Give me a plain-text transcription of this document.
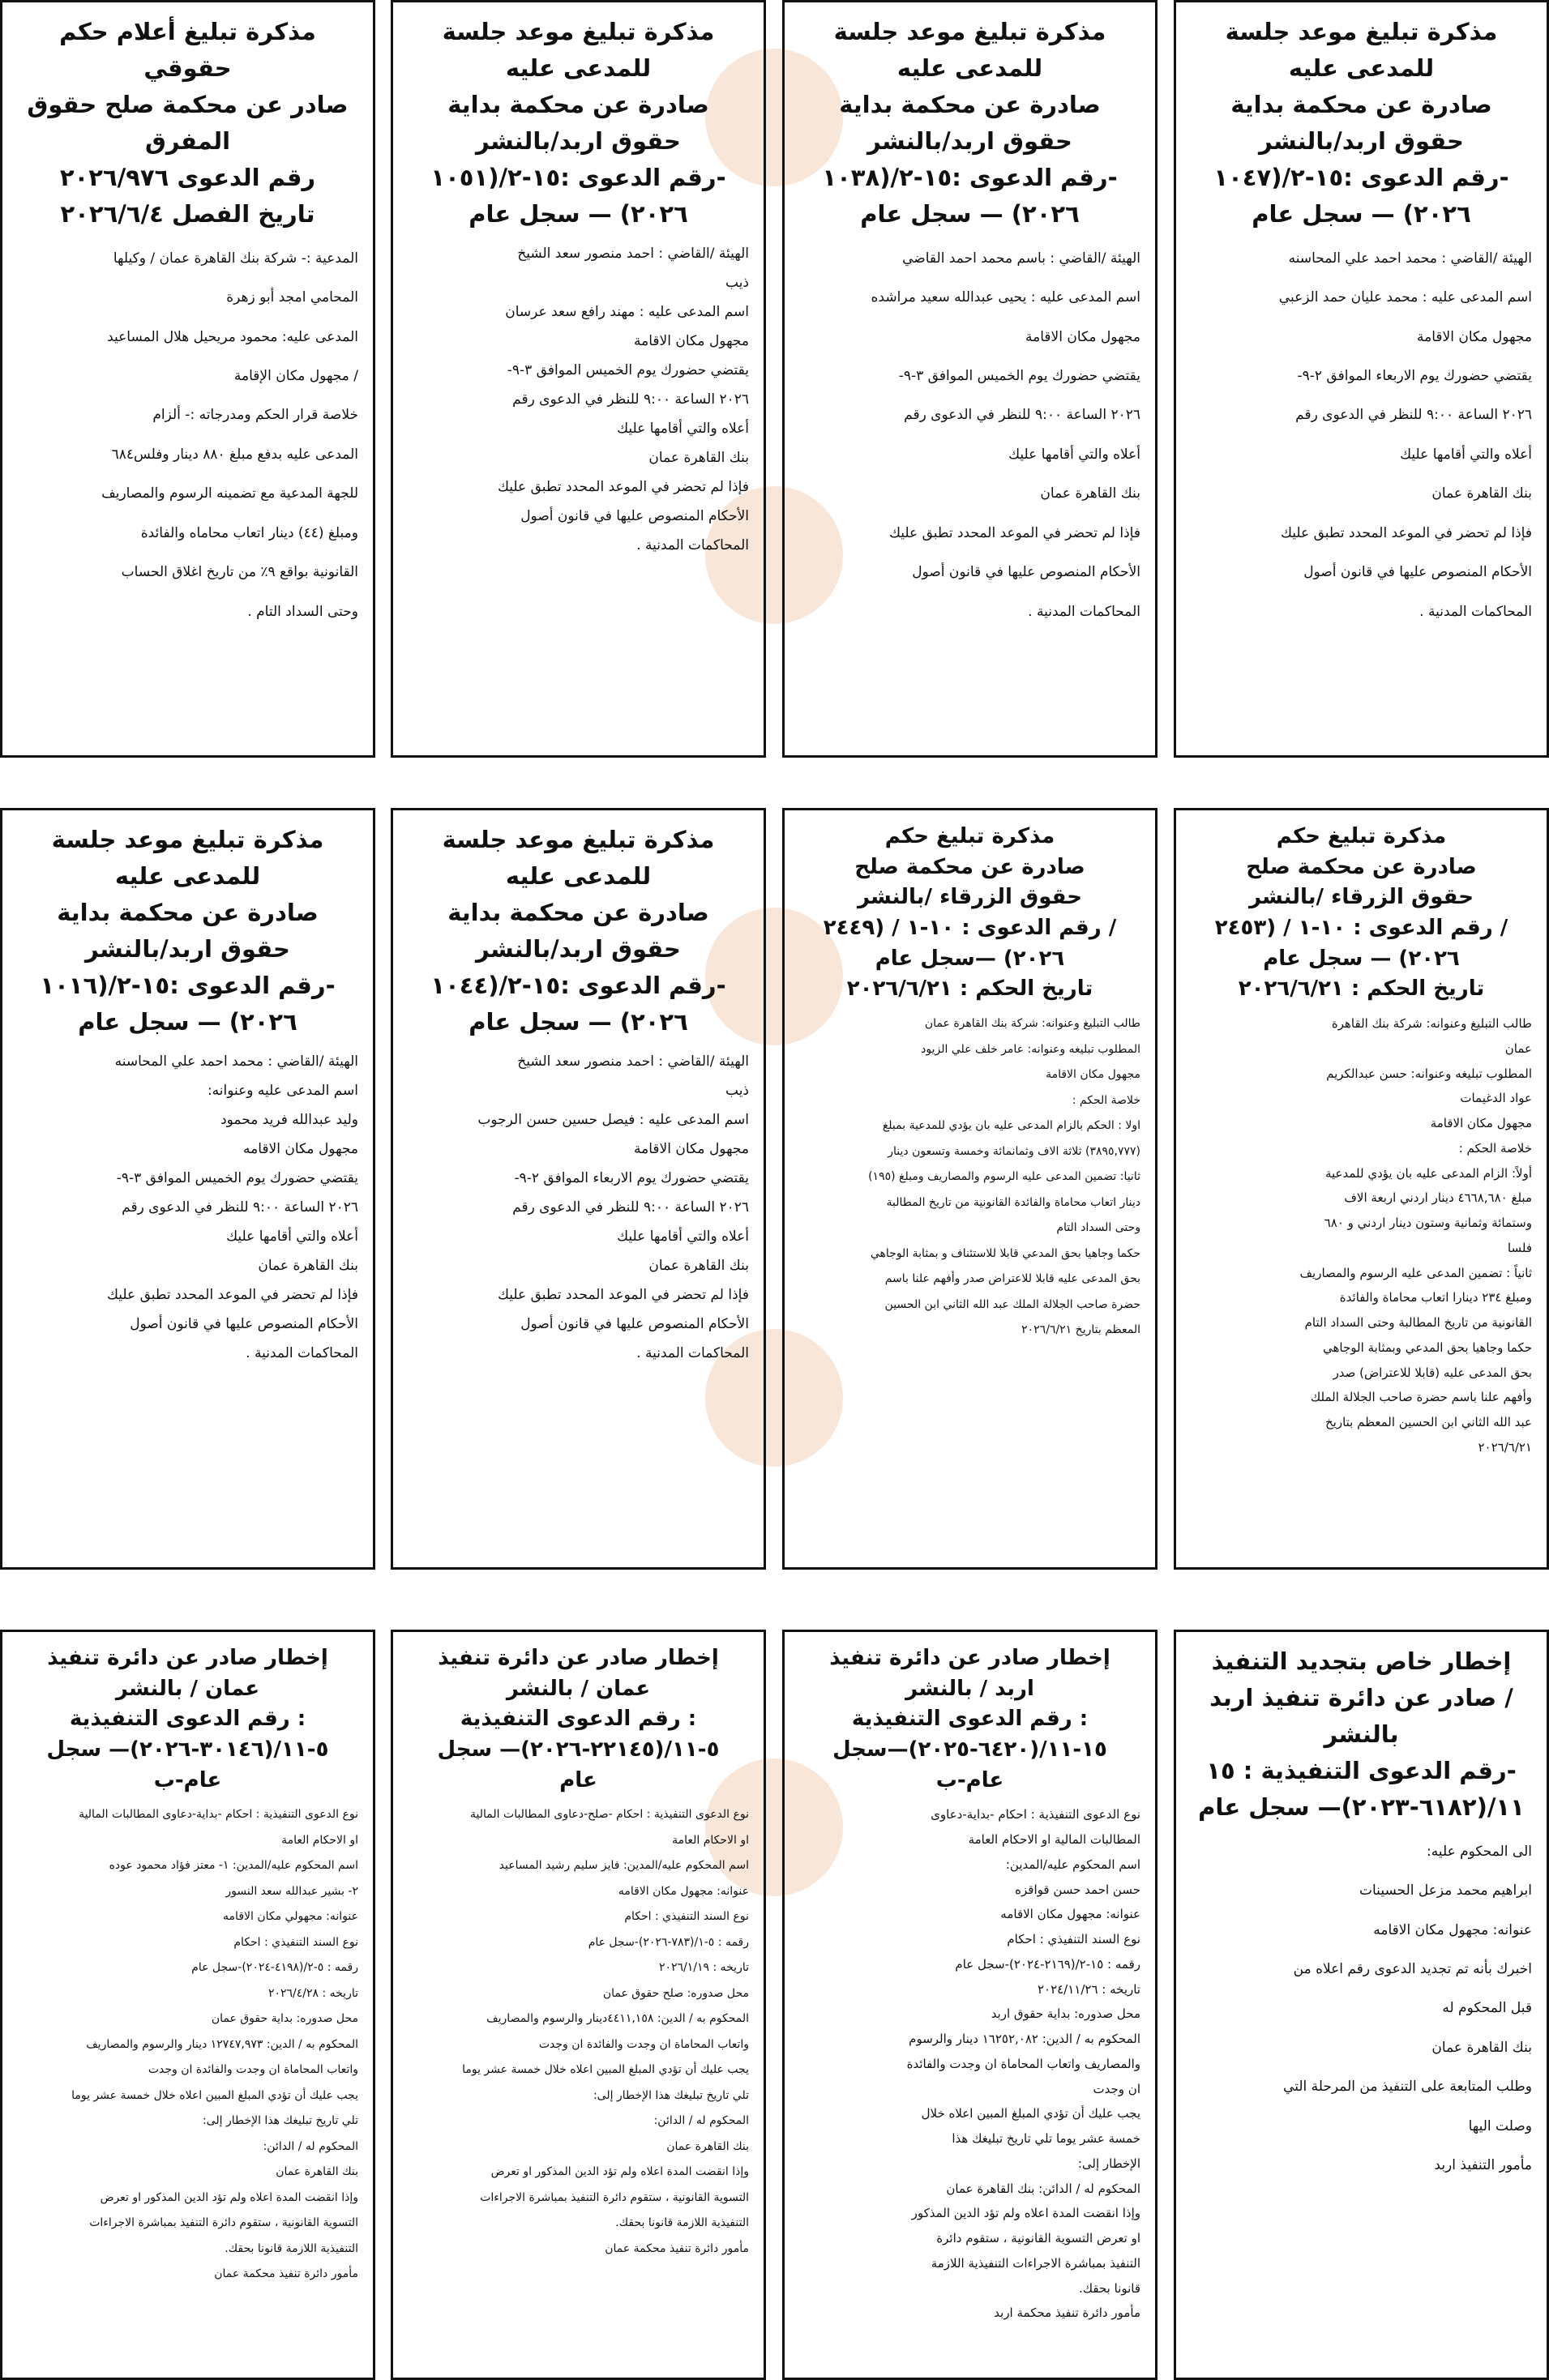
مذكرة تبليغ موعد جلسة
للمدعى عليه
صادرة عن محكمة بداية
حقوق اربد/بالنشر
رقم الدعوى :١٥-٢/(١٠٤٧-
٢٠٢٦) — سجل عام
الهيئة /القاضي : محمد احمد علي المحاسنه
اسم المدعى عليه : محمد عليان حمد الزعبي
مجهول مكان الاقامة
يقتضي حضورك يوم الاربعاء الموافق ٢-٩-
٢٠٢٦ الساعة ٩:٠٠ للنظر في الدعوى رقم
أعلاه والتي أقامها عليك
بنك القاهرة عمان
فإذا لم تحضر في الموعد المحدد تطبق عليك
الأحكام المنصوص عليها في قانون أصول
المحاكمات المدنية .
مذكرة تبليغ موعد جلسة
للمدعى عليه
صادرة عن محكمة بداية
حقوق اربد/بالنشر
رقم الدعوى :١٥-٢/(١٠٣٨-
٢٠٢٦) — سجل عام
الهيئة /القاضي : باسم محمد احمد القاضي
اسم المدعى عليه : يحيى عبدالله سعيد مراشده
مجهول مكان الاقامة
يقتضي حضورك يوم الخميس الموافق ٣-٩-
٢٠٢٦ الساعة ٩:٠٠ للنظر في الدعوى رقم
أعلاه والتي أقامها عليك
بنك القاهرة عمان
فإذا لم تحضر في الموعد المحدد تطبق عليك
الأحكام المنصوص عليها في قانون أصول
المحاكمات المدنية .
مذكرة تبليغ موعد جلسة
للمدعى عليه
صادرة عن محكمة بداية
حقوق اربد/بالنشر
رقم الدعوى :١٥-٢/(١٠٥١-
٢٠٢٦) — سجل عام
الهيئة /القاضي : احمد منصور سعد الشيخ
ذيب
اسم المدعى عليه : مهند رافع سعد عرسان
مجهول مكان الاقامة
يقتضي حضورك يوم الخميس الموافق ٣-٩-
٢٠٢٦ الساعة ٩:٠٠ للنظر في الدعوى رقم
أعلاه والتي أقامها عليك
بنك القاهرة عمان
فإذا لم تحضر في الموعد المحدد تطبق عليك
الأحكام المنصوص عليها في قانون أصول
المحاكمات المدنية .
مذكرة تبليغ أعلام حكم
حقوقي
صادر عن محكمة صلح حقوق
المفرق
رقم الدعوى ٢٠٢٦/٩٧٦
تاريخ الفصل ٢٠٢٦/٦/٤
المدعية :- شركة بنك القاهرة عمان / وكيلها
المحامي امجد أبو زهرة
المدعى عليه: محمود مريحيل هلال المساعيد
/ مجهول مكان الإقامة
خلاصة قرار الحكم ومدرجاته :- ألزام
المدعى عليه بدفع مبلغ ٨٨٠ دينار وفلس٦٨٤
للجهة المدعية مع تضمينه الرسوم والمصاريف
ومبلغ (٤٤) دينار اتعاب محاماه والفائدة
القانونية بواقع ٩٪ من تاريخ اغلاق الحساب
وحتى السداد التام .
مذكرة تبليغ حكم
صادرة عن محكمة صلح
حقوق الزرقاء /بالنشر
رقم الدعوى : ١٠-١ / (٢٤٥٣ /
٢٠٢٦) — سجل عام
تاريخ الحكم : ٢٠٢٦/٦/٢١
طالب التبليغ وعنوانه: شركة بنك القاهرة
عمان
المطلوب تبليغه وعنوانه: حسن عبدالكريم
عواد الدغيمات
مجهول مكان الاقامة
خلاصة الحكم :
أولاً: الزام المدعى عليه بان يؤدي للمدعية
مبلغ ٤٦٦٨,٦٨٠ دينار اردني اربعة الاف
وستمائة وثمانية وستون دينار اردني و ٦٨٠
فلسا
ثانياً : تضمين المدعى عليه الرسوم والمصاريف
ومبلغ ٢٣٤ دينارا اتعاب محاماة والفائدة
القانونية من تاريخ المطالبة وحتى السداد التام
حكما وجاهيا بحق المدعي وبمثابة الوجاهي
بحق المدعى عليه (قابلا للاعتراض) صدر
وأفهم علنا باسم حضرة صاحب الجلالة الملك
عبد الله الثاني ابن الحسين المعظم بتاريخ
٢٠٢٦/٦/٢١
مذكرة تبليغ حكم
صادرة عن محكمة صلح
حقوق الزرقاء /بالنشر
رقم الدعوى : ١٠-١ / (٢٤٤٩ /
٢٠٢٦) —سجل عام
تاريخ الحكم : ٢٠٢٦/٦/٢١
طالب التبليغ وعنوانه: شركة بنك القاهرة عمان
المطلوب تبليغه وعنوانه: عامر خلف علي الزيود
مجهول مكان الاقامة
خلاصة الحكم :
اولا : الحكم بالزام المدعى عليه بان يؤدي للمدعية بمبلغ
(٣٨٩٥,٧٧٧) ثلاثة الاف وثمانمائة وخمسة وتسعون دينار
ثانيا: تضمين المدعى عليه الرسوم والمصاريف ومبلغ (١٩٥)
دينار اتعاب محاماة والفائدة القانونية من تاريخ المطالبة
وحتى السداد التام
حكما وجاهيا بحق المدعي قابلا للاستئناف و بمثابة الوجاهي
بحق المدعى عليه قابلا للاعتراض صدر وأفهم علنا باسم
حضرة صاحب الجلالة الملك عبد الله الثاني ابن الحسين
المعظم بتاريخ ٢٠٢٦/٦/٢١
مذكرة تبليغ موعد جلسة
للمدعى عليه
صادرة عن محكمة بداية
حقوق اربد/بالنشر
رقم الدعوى :١٥-٢/(١٠٤٤-
٢٠٢٦) — سجل عام
الهيئة /القاضي : احمد منصور سعد الشيخ
ذيب
اسم المدعى عليه : فيصل حسين حسن الرجوب
مجهول مكان الاقامة
يقتضي حضورك يوم الاربعاء الموافق ٢-٩-
٢٠٢٦ الساعة ٩:٠٠ للنظر في الدعوى رقم
أعلاه والتي أقامها عليك
بنك القاهرة عمان
فإذا لم تحضر في الموعد المحدد تطبق عليك
الأحكام المنصوص عليها في قانون أصول
المحاكمات المدنية .
مذكرة تبليغ موعد جلسة
للمدعى عليه
صادرة عن محكمة بداية
حقوق اربد/بالنشر
رقم الدعوى :١٥-٢/(١٠١٦-
٢٠٢٦) — سجل عام
الهيئة /القاضي : محمد احمد علي المحاسنه
اسم المدعى عليه وعنوانه:
وليد عبدالله فريد محمود
مجهول مكان الاقامه
يقتضي حضورك يوم الخميس الموافق ٣-٩-
٢٠٢٦ الساعة ٩:٠٠ للنظر في الدعوى رقم
أعلاه والتي أقامها عليك
بنك القاهرة عمان
فإذا لم تحضر في الموعد المحدد تطبق عليك
الأحكام المنصوص عليها في قانون أصول
المحاكمات المدنية .
إخطار خاص بتجديد التنفيذ
صادر عن دائرة تنفيذ اربد /
بالنشر
رقم الدعوى التنفيذية : ١٥-
١١/(٦١٨٢-٢٠٢٣)— سجل عام
الى المحكوم عليه:
ابراهيم محمد مزعل الحسينات
عنوانه: مجهول مكان الاقامه
اخبرك بأنه تم تجديد الدعوى رقم اعلاه من
قبل المحكوم له
بنك القاهرة عمان
وطلب المتابعة على التنفيذ من المرحلة التي
وصلت اليها
مأمور التنفيذ اربد
إخطار صادر عن دائرة تنفيذ
اربد / بالنشر
رقم الدعوى التنفيذية :
١٥-١١/(٦٤٢٠-٢٠٢٥)—سجل
عام-ب
نوع الدعوى التنفيذية : احكام -بداية-دعاوى
المطالبات المالية او الاحكام العامة
اسم المحكوم عليه/المدين:
حسن احمد حسن قواقزه
عنوانه: مجهول مكان الاقامه
نوع السند التنفيذي : احكام
رقمه : ١٥-٢/(٢١٦٩-٢٠٢٤)-سجل عام
تاريخه : ٢٠٢٤/١١/٢٦
محل صدوره: بداية حقوق اربد
المحكوم به / الدين: ١٦٢٥٢,٠٨٢ دينار والرسوم
والمصاريف واتعاب المحاماة ان وجدت والفائدة
ان وجدت
يجب عليك أن تؤدي المبلغ المبين اعلاه خلال
خمسة عشر يوما تلي تاريخ تبليغك هذا
الإخطار إلى:
المحكوم له / الدائن: بنك القاهرة عمان
وإذا انقضت المدة اعلاه ولم تؤد الدين المذكور
او تعرض التسوية القانونية ، ستقوم دائرة
التنفيذ بمباشرة الاجراءات التنفيذية اللازمة
قانونا بحقك.
مأمور دائرة تنفيذ محكمة اربد
إخطار صادر عن دائرة تنفيذ
عمان / بالنشر
رقم الدعوى التنفيذية :
٥-١١/(٢٢١٤٥-٢٠٢٦)— سجل
عام
نوع الدعوى التنفيذية : احكام -صلح-دعاوى المطالبات المالية
او الاحكام العامة
اسم المحكوم عليه/المدين: فايز سليم رشيد المساعيد
عنوانه: مجهول مكان الاقامه
نوع السند التنفيذي : احكام
رقمه : ٥-١/(٧٨٣-٢٠٢٦)-سجل عام
تاريخه : ٢٠٢٦/١/١٩
محل صدوره: صلح حقوق عمان
المحكوم به / الدين: ٤٤١١,١٥٨دينار والرسوم والمصاريف
واتعاب المحاماة ان وجدت والفائدة ان وجدت
يجب عليك أن تؤدي المبلغ المبين اعلاه خلال خمسة عشر يوما
تلي تاريخ تبليغك هذا الإخطار إلى:
المحكوم له / الدائن:
بنك القاهرة عمان
وإذا انقضت المدة اعلاه ولم تؤد الدين المذكور او تعرض
التسوية القانونية ، ستقوم دائرة التنفيذ بمباشرة الاجراءات
التنفيذية اللازمة قانونا بحقك.
مأمور دائرة تنفيذ محكمة عمان
إخطار صادر عن دائرة تنفيذ
عمان / بالنشر
رقم الدعوى التنفيذية :
٥-١١/(٣٠١٤٦-٢٠٢٦)— سجل
عام-ب
نوع الدعوى التنفيذية : احكام -بداية-دعاوى المطالبات المالية
او الاحكام العامة
اسم المحكوم عليه/المدين: ١- معتز فؤاد محمود عوده
٢- بشير عبدالله سعد النسور
عنوانه: مجهولي مكان الاقامه
نوع السند التنفيذي : احكام
رقمه : ٥-٢/(٤١٩٨-٢٠٢٤)-سجل عام
تاريخه : ٢٠٢٦/٤/٢٨
محل صدوره: بداية حقوق عمان
المحكوم به / الدين: ١٢٧٤٧,٩٧٣ دينار والرسوم والمصاريف
واتعاب المحاماة ان وجدت والفائدة ان وجدت
يجب عليك أن تؤدي المبلغ المبين اعلاه خلال خمسة عشر يوما
تلي تاريخ تبليغك هذا الإخطار إلى:
المحكوم له / الدائن:
بنك القاهرة عمان
وإذا انقضت المدة اعلاه ولم تؤد الدين المذكور او تعرض
التسوية القانونية ، ستقوم دائرة التنفيذ بمباشرة الاجراءات
التنفيذية اللازمة قانونا بحقك.
مأمور دائرة تنفيذ محكمة عمان
